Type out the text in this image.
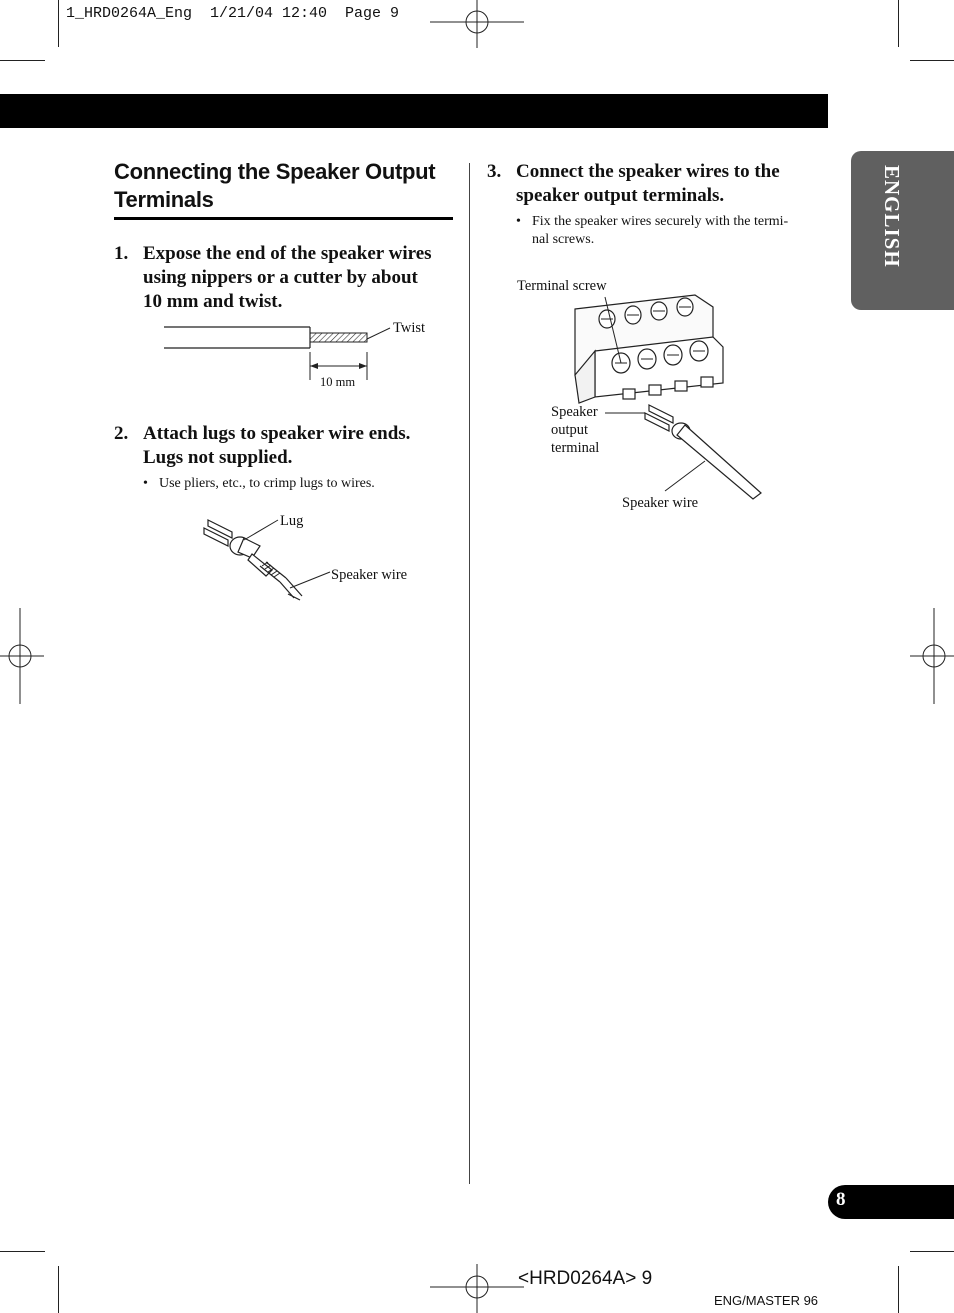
1_HRD0264A_Eng  1/21/04 12:40  Page 9
ENGLISH
Connecting the Speaker Output Terminals
1. Expose the end of the speaker wires
using nippers or a cutter by about
10 mm and twist.
Twist
10 mm
2. Attach lugs to speaker wire ends.
Lugs not supplied.
• Use pliers, etc., to crimp lugs to wires.
Lug
Speaker wire
3. Connect the speaker wires to the
speaker output terminals.
• Fix the speaker wires securely with the termi-
nal screws.
Terminal screw
Speaker
output
terminal
Speaker wire
8
<HRD0264A> 9
ENG/MASTER 96
